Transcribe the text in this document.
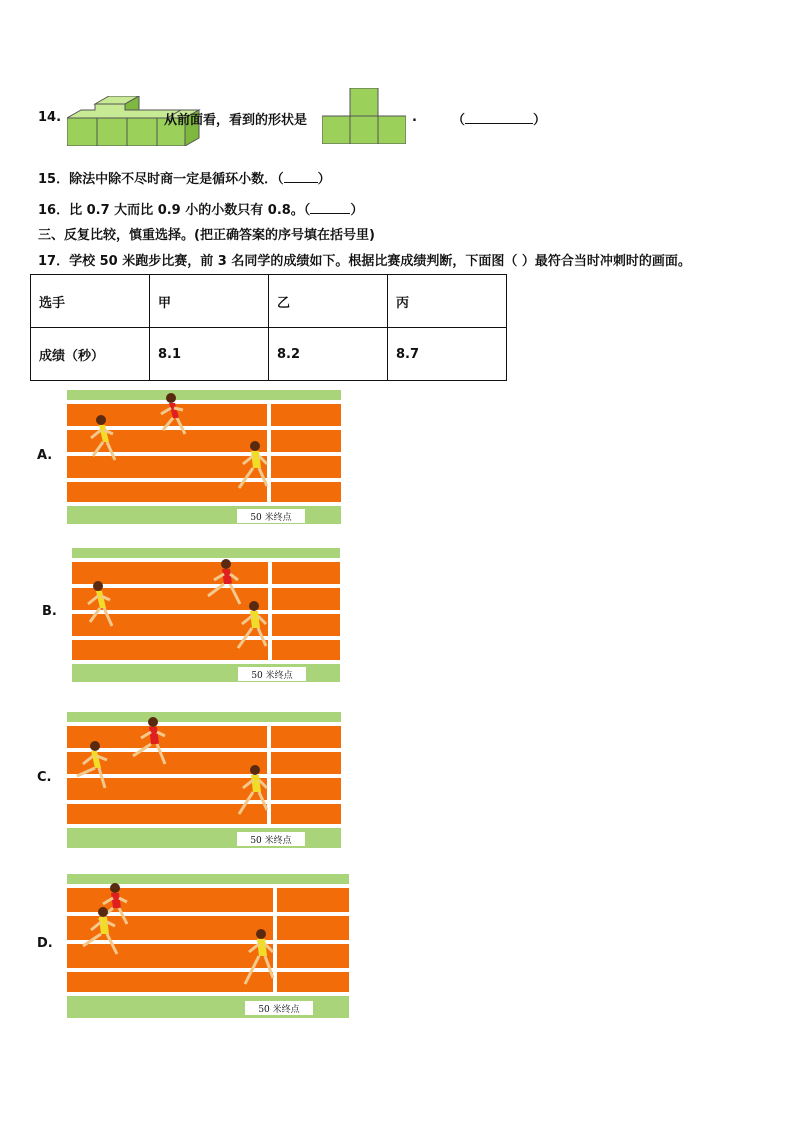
14.	从前面看，看到的形状是	.	（	）
15．除法中除不尽时商一定是循环小数．（	）
16．比 0.7 大而比 0.9 小的小数只有 0.8。（	）
三、反复比较，慎重选择。(把正确答案的序号填在括号里)
17．学校 50 米跑步比赛，前 3 名同学的成绩如下。根据比赛成绩判断，下面图（ ）最符合当时冲刺时的画面。
选手	甲	乙	丙
成绩（秒）	8.1	8.2	8.7
A.
50 米终点
B.
50 米终点
C.
50 米终点
D.
50 米终点
